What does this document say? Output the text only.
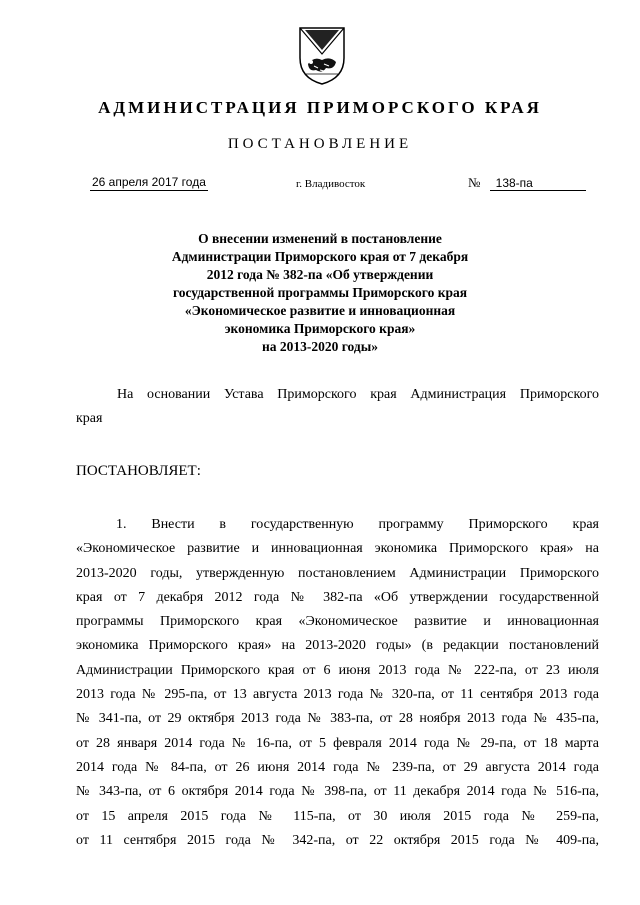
АДМИНИСТРАЦИЯ ПРИМОРСКОГО КРАЯ
ПОСТАНОВЛЕНИЕ
26 апреля 2017 года	г. Владивосток	№ 138-па
О внесении изменений в постановление
Администрации Приморского края от 7 декабря
2012 года № 382-па «Об утверждении
государственной программы Приморского края
«Экономическое развитие и инновационная
экономика Приморского края»
на 2013-2020 годы»
На основании Устава Приморского края Администрация Приморского
края
ПОСТАНОВЛЯЕТ:
1. Внести в государственную программу Приморского края
«Экономическое развитие и инновационная экономика Приморского края» на
2013-2020 годы, утвержденную постановлением Администрации Приморского
края от 7 декабря 2012 года № 382-па «Об утверждении государственной
программы Приморского края «Экономическое развитие и инновационная
экономика Приморского края» на 2013-2020 годы» (в редакции постановлений
Администрации Приморского края от 6 июня 2013 года № 222-па, от 23 июля
2013 года № 295-па, от 13 августа 2013 года № 320-па, от 11 сентября 2013 года
№ 341-па, от 29 октября 2013 года № 383-па, от 28 ноября 2013 года № 435-па,
от 28 января 2014 года № 16-па, от 5 февраля 2014 года № 29-па, от 18 марта
2014 года № 84-па, от 26 июня 2014 года № 239-па, от 29 августа 2014 года
№ 343-па, от 6 октября 2014 года № 398-па, от 11 декабря 2014 года № 516-па,
от 15 апреля 2015 года № 115-па, от 30 июля 2015 года № 259-па,
от 11 сентября 2015 года № 342-па, от 22 октября 2015 года № 409-па,
